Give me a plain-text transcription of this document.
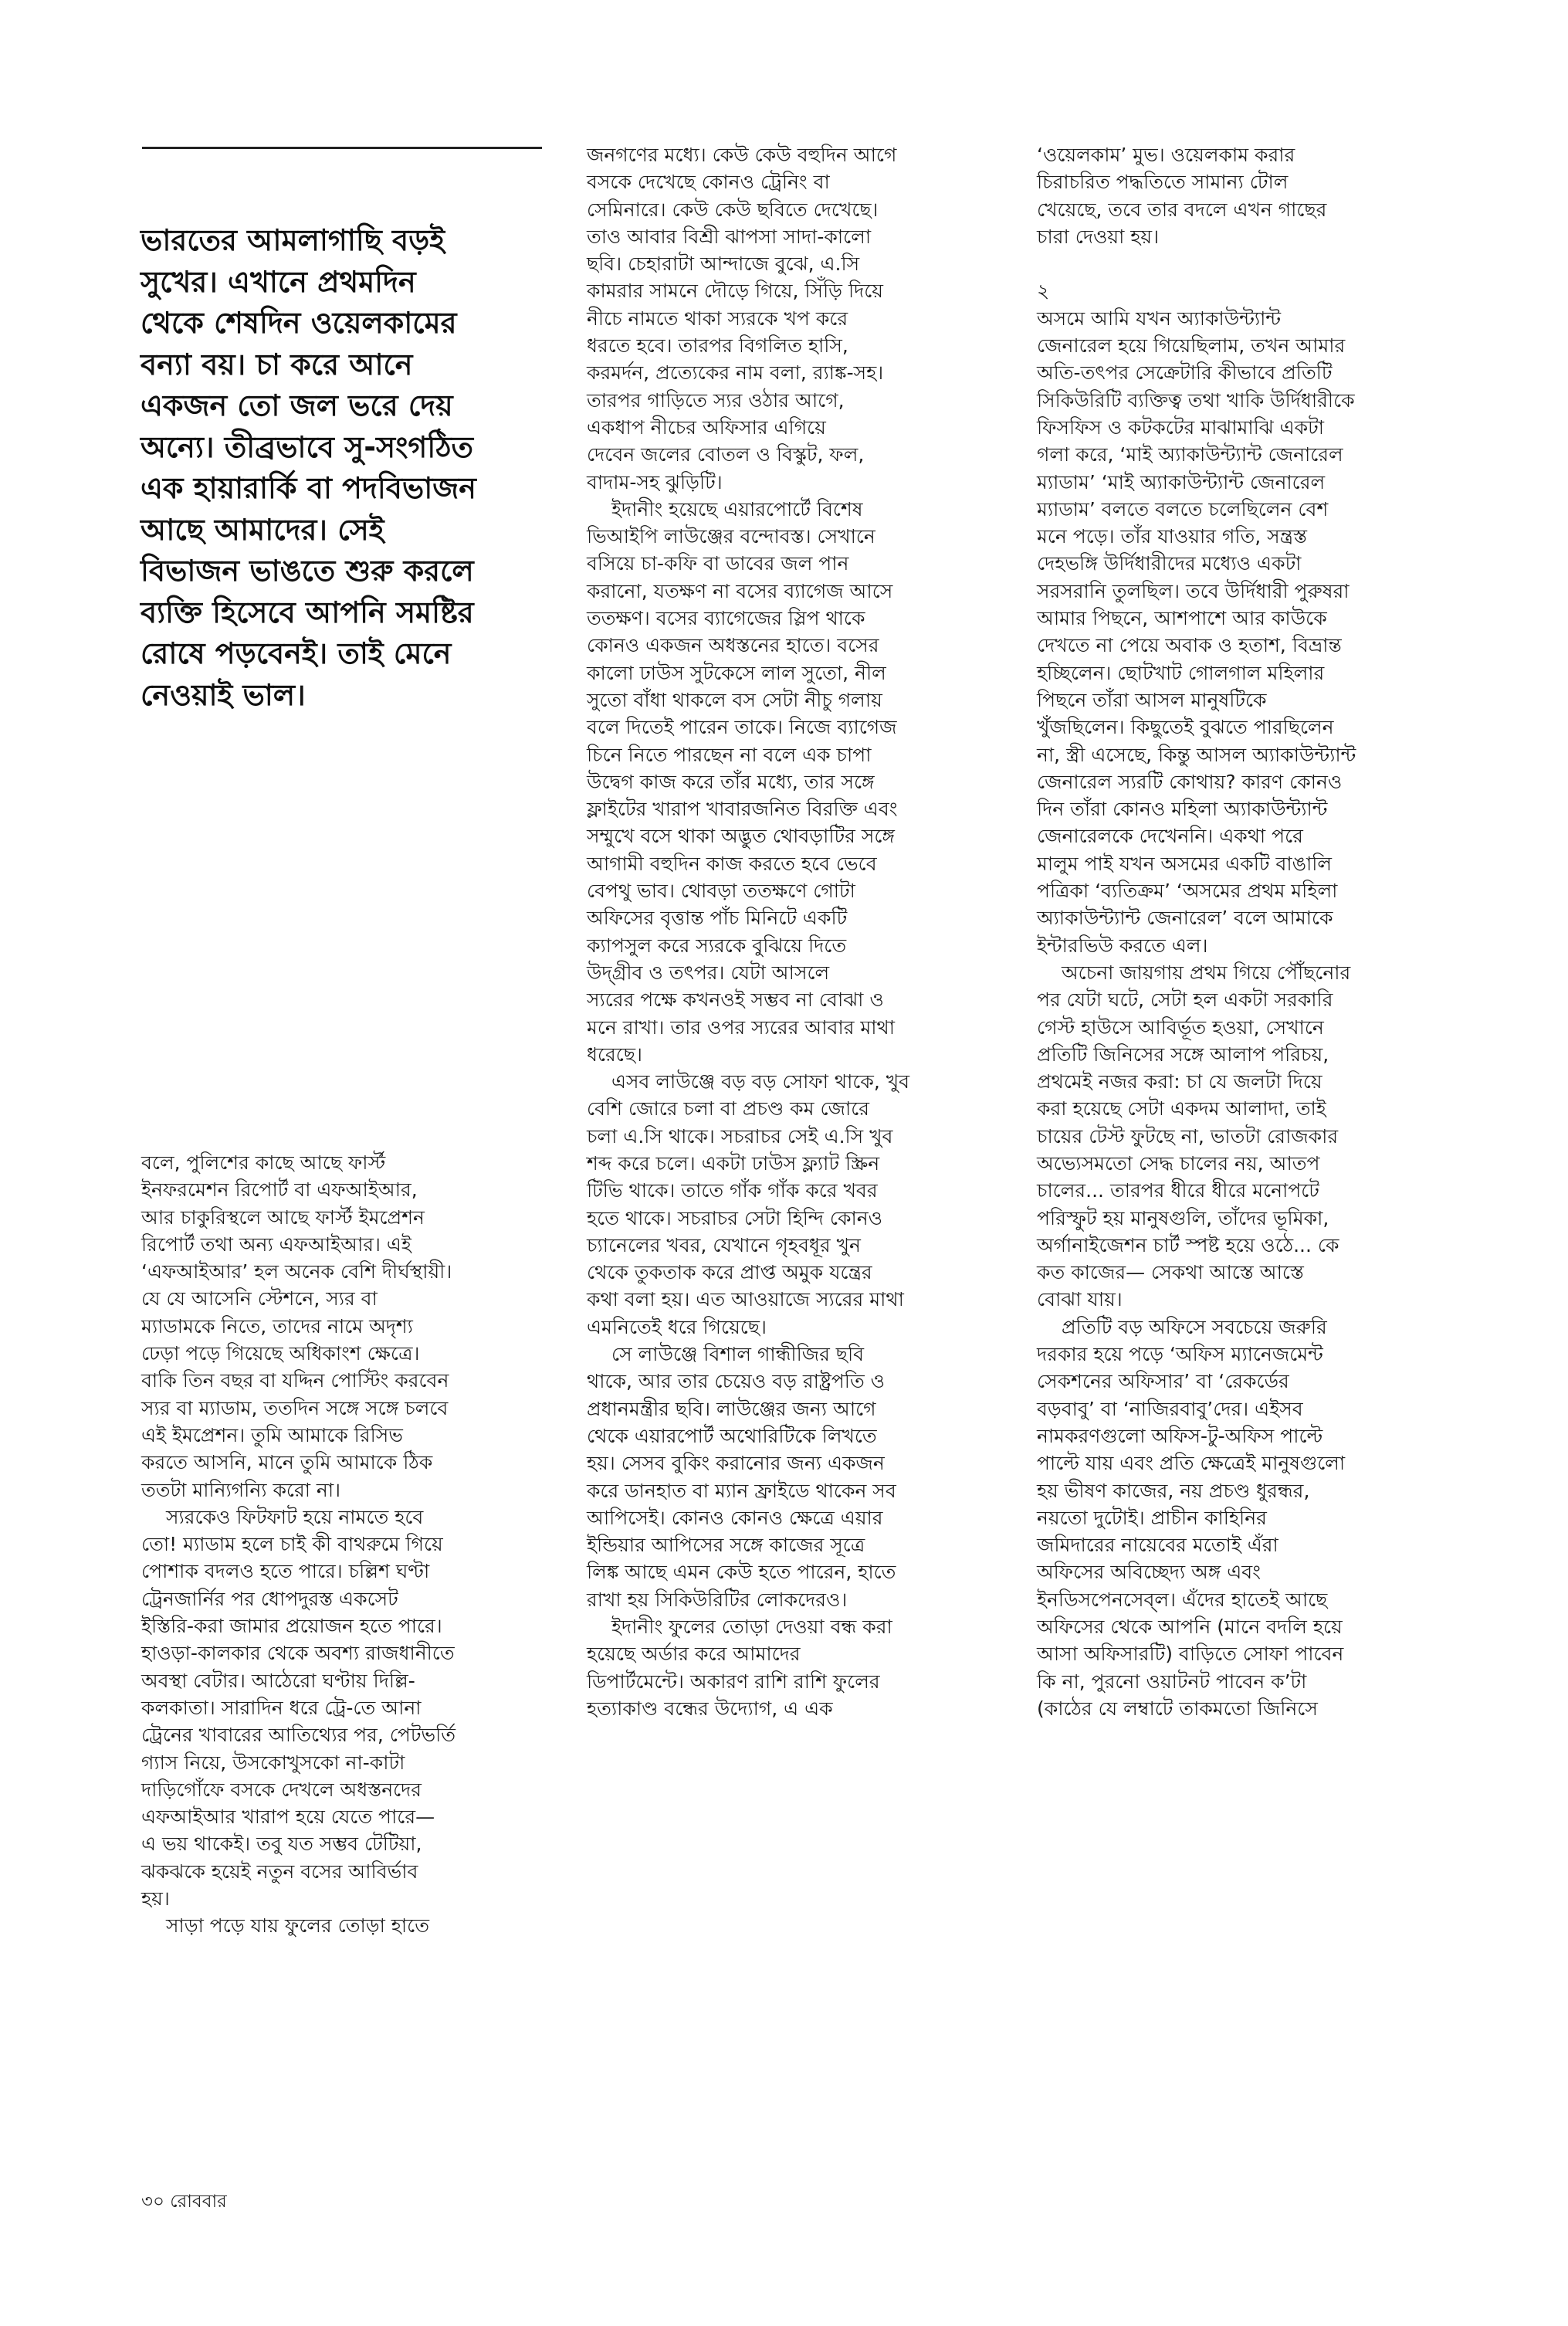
ভারতের আমলাগাছি বড়ই
সুখের। এখানে প্রথমদিন
থেকে শেষদিন ওয়েলকামের
বন্যা বয়। চা করে আনে
একজন তো জল ভরে দেয়
অন্যে। তীব্রভাবে সু-সংগঠিত
এক হায়ারার্কি বা পদবিভাজন
আছে আমাদের। সেই
বিভাজন ভাঙতে শুরু করলে
ব্যক্তি হিসেবে আপনি সমষ্টির
রোষে পড়বেনই। তাই মেনে
নেওয়াই ভাল।
বলে, পুলিশের কাছে আছে ফার্স্ট
ইনফরমেশন রিপোর্ট বা এফআইআর,
আর চাকুরিস্থলে আছে ফার্স্ট ইমপ্রেশন
রিপোর্ট তথা অন্য এফআইআর। এই
‘এফআইআর’ হল অনেক বেশি দীর্ঘস্থায়ী।
যে যে আসেনি স্টেশনে, স্যর বা
ম্যাডামকে নিতে, তাদের নামে অদৃশ্য
ঢেড়া পড়ে গিয়েছে অধিকাংশ ক্ষেত্রে।
বাকি তিন বছর বা যদ্দিন পোস্টিং করবেন
স্যর বা ম্যাডাম, ততদিন সঙ্গে সঙ্গে চলবে
এই ইমপ্রেশন। তুমি আমাকে রিসিভ
করতে আসনি, মানে তুমি আমাকে ঠিক
ততটা মান্যিগন্যি করো না।
স্যরকেও ফিটফাট হয়ে নামতে হবে
তো! ম্যাডাম হলে চাই কী বাথরুমে গিয়ে
পোশাক বদলও হতে পারে। চল্লিশ ঘণ্টা
ট্রেনজার্নির পর ধোপদুরস্ত একসেট
ইস্তিরি-করা জামার প্রয়োজন হতে পারে।
হাওড়া-কালকার থেকে অবশ্য রাজধানীতে
অবস্থা বেটার। আঠেরো ঘণ্টায় দিল্লি-
কলকাতা। সারাদিন ধরে ট্রে-তে আনা
ট্রেনের খাবারের আতিথ্যের পর, পেটভর্তি
গ্যাস নিয়ে, উসকোখুসকো না-কাটা
দাড়িগোঁফে বসকে দেখলে অধস্তনদের
এফআইআর খারাপ হয়ে যেতে পারে—
এ ভয় থাকেই। তবু যত সম্ভব টেটিয়া,
ঝকঝকে হয়েই নতুন বসের আবির্ভাব
হয়।
সাড়া পড়ে যায় ফুলের তোড়া হাতে
জনগণের মধ্যে। কেউ কেউ বহুদিন আগে
বসকে দেখেছে কোনও ট্রেনিং বা
সেমিনারে। কেউ কেউ ছবিতে দেখেছে।
তাও আবার বিশ্রী ঝাপসা সাদা-কালো
ছবি। চেহারাটা আন্দাজে বুঝে, এ.সি
কামরার সামনে দৌড়ে গিয়ে, সিঁড়ি দিয়ে
নীচে নামতে থাকা স্যরকে খপ করে
ধরতে হবে। তারপর বিগলিত হাসি,
করমর্দন, প্রত্যেকের নাম বলা, র‍্যাঙ্ক-সহ।
তারপর গাড়িতে স্যর ওঠার আগে,
একধাপ নীচের অফিসার এগিয়ে
দেবেন জলের বোতল ও বিস্কুট, ফল,
বাদাম-সহ ঝুড়িটি।
ইদানীং হয়েছে এয়ারপোর্টে বিশেষ
ভিআইপি লাউঞ্জের বন্দোবস্ত। সেখানে
বসিয়ে চা-কফি বা ডাবের জল পান
করানো, যতক্ষণ না বসের ব্যাগেজ আসে
ততক্ষণ। বসের ব্যাগেজের স্লিপ থাকে
কোনও একজন অধস্তনের হাতে। বসের
কালো ঢাউস সুটকেসে লাল সুতো, নীল
সুতো বাঁধা থাকলে বস সেটা নীচু গলায়
বলে দিতেই পারেন তাকে। নিজে ব্যাগেজ
চিনে নিতে পারছেন না বলে এক চাপা
উদ্বেগ কাজ করে তাঁর মধ্যে, তার সঙ্গে
ফ্লাইটের খারাপ খাবারজনিত বিরক্তি এবং
সম্মুখে বসে থাকা অদ্ভুত থোবড়াটির সঙ্গে
আগামী বহুদিন কাজ করতে হবে ভেবে
বেপথু ভাব। থোবড়া ততক্ষণে গোটা
অফিসের বৃত্তান্ত পাঁচ মিনিটে একটি
ক্যাপসুল করে স্যরকে বুঝিয়ে দিতে
উদ্‌গ্রীব ও তৎপর। যেটা আসলে
স্যরের পক্ষে কখনওই সম্ভব না বোঝা ও
মনে রাখা। তার ওপর স্যরের আবার মাথা
ধরেছে।
এসব লাউঞ্জে বড় বড় সোফা থাকে, খুব
বেশি জোরে চলা বা প্রচণ্ড কম জোরে
চলা এ.সি থাকে। সচরাচর সেই এ.সি খুব
শব্দ করে চলে। একটা ঢাউস ফ্ল্যাট স্ক্রিন
টিভি থাকে। তাতে গাঁক গাঁক করে খবর
হতে থাকে। সচরাচর সেটা হিন্দি কোনও
চ্যানেলের খবর, যেখানে গৃহবধূর খুন
থেকে তুকতাক করে প্রাপ্ত অমুক যন্ত্রের
কথা বলা হয়। এত আওয়াজে স্যরের মাথা
এমনিতেই ধরে গিয়েছে।
সে লাউঞ্জে বিশাল গান্ধীজির ছবি
থাকে, আর তার চেয়েও বড় রাষ্ট্রপতি ও
প্রধানমন্ত্রীর ছবি। লাউঞ্জের জন্য আগে
থেকে এয়ারপোর্ট অথোরিটিকে লিখতে
হয়। সেসব বুকিং করানোর জন্য একজন
করে ডানহাত বা ম্যান ফ্রাইডে থাকেন সব
আপিসেই। কোনও কোনও ক্ষেত্রে এয়ার
ইন্ডিয়ার আপিসের সঙ্গে কাজের সূত্রে
লিঙ্ক আছে এমন কেউ হতে পারেন, হাতে
রাখা হয় সিকিউরিটির লোকদেরও।
ইদানীং ফুলের তোড়া দেওয়া বন্ধ করা
হয়েছে অর্ডার করে আমাদের
ডিপার্টমেন্টে। অকারণ রাশি রাশি ফুলের
হত্যাকাণ্ড বন্ধের উদ্যোগ, এ এক
‘ওয়েলকাম’ মুভ। ওয়েলকাম করার
চিরাচরিত পদ্ধতিতে সামান্য টোল
খেয়েছে, তবে তার বদলে এখন গাছের
চারা দেওয়া হয়।
২
অসমে আমি যখন অ্যাকাউন্ট্যান্ট
জেনারেল হয়ে গিয়েছিলাম, তখন আমার
অতি-তৎপর সেক্রেটারি কীভাবে প্রতিটি
সিকিউরিটি ব্যক্তিত্ব তথা খাকি উর্দিধারীকে
ফিসফিস ও কটকটের মাঝামাঝি একটা
গলা করে, ‘মাই অ্যাকাউন্ট্যান্ট জেনারেল
ম্যাডাম’ ‘মাই অ্যাকাউন্ট্যান্ট জেনারেল
ম্যাডাম’ বলতে বলতে চলেছিলেন বেশ
মনে পড়ে। তাঁর যাওয়ার গতি, সন্ত্রস্ত
দেহভঙ্গি উর্দিধারীদের মধ্যেও একটা
সরসরানি তুলছিল। তবে উর্দিধারী পুরুষরা
আমার পিছনে, আশপাশে আর কাউকে
দেখতে না পেয়ে অবাক ও হতাশ, বিভ্রান্ত
হচ্ছিলেন। ছোটখাট গোলগাল মহিলার
পিছনে তাঁরা আসল মানুষটিকে
খুঁজছিলেন। কিছুতেই বুঝতে পারছিলেন
না, স্ত্রী এসেছে, কিন্তু আসল অ্যাকাউন্ট্যান্ট
জেনারেল স্যরটি কোথায়? কারণ কোনও
দিন তাঁরা কোনও মহিলা অ্যাকাউন্ট্যান্ট
জেনারেলকে দেখেননি। একথা পরে
মালুম পাই যখন অসমের একটি বাঙালি
পত্রিকা ‘ব্যতিক্রম’ ‘অসমের প্রথম মহিলা
অ্যাকাউন্ট্যান্ট জেনারেল’ বলে আমাকে
ইন্টারভিউ করতে এল।
অচেনা জায়গায় প্রথম গিয়ে পৌঁছনোর
পর যেটা ঘটে, সেটা হল একটা সরকারি
গেস্ট হাউসে আবির্ভূত হওয়া, সেখানে
প্রতিটি জিনিসের সঙ্গে আলাপ পরিচয়,
প্রথমেই নজর করা: চা যে জলটা দিয়ে
করা হয়েছে সেটা একদম আলাদা, তাই
চায়ের টেস্ট ফুটছে না, ভাতটা রোজকার
অভ্যেসমতো সেদ্ধ চালের নয়, আতপ
চালের... তারপর ধীরে ধীরে মনোপটে
পরিস্ফুট হয় মানুষগুলি, তাঁদের ভূমিকা,
অর্গানাইজেশন চার্ট স্পষ্ট হয়ে ওঠে... কে
কত কাজের— সেকথা আস্তে আস্তে
বোঝা যায়।
প্রতিটি বড় অফিসে সবচেয়ে জরুরি
দরকার হয়ে পড়ে ‘অফিস ম্যানেজমেন্ট
সেকশনের অফিসার’ বা ‘রেকর্ডের
বড়বাবু’ বা ‘নাজিরবাবু’দের। এইসব
নামকরণগুলো অফিস-টু-অফিস পাল্টে
পাল্টে যায় এবং প্রতি ক্ষেত্রেই মানুষগুলো
হয় ভীষণ কাজের, নয় প্রচণ্ড ধুরন্ধর,
নয়তো দুটোই। প্রাচীন কাহিনির
জমিদারের নায়েবের মতোই এঁরা
অফিসের অবিচ্ছেদ্য অঙ্গ এবং
ইনডিসপেনসেব্‌ল। এঁদের হাতেই আছে
অফিসের থেকে আপনি (মানে বদলি হয়ে
আসা অফিসারটি) বাড়িতে সোফা পাবেন
কি না, পুরনো ওয়াটনট পাবেন ক’টা
(কাঠের যে লম্বাটে তাকমতো জিনিসে
৩০ রোববার
